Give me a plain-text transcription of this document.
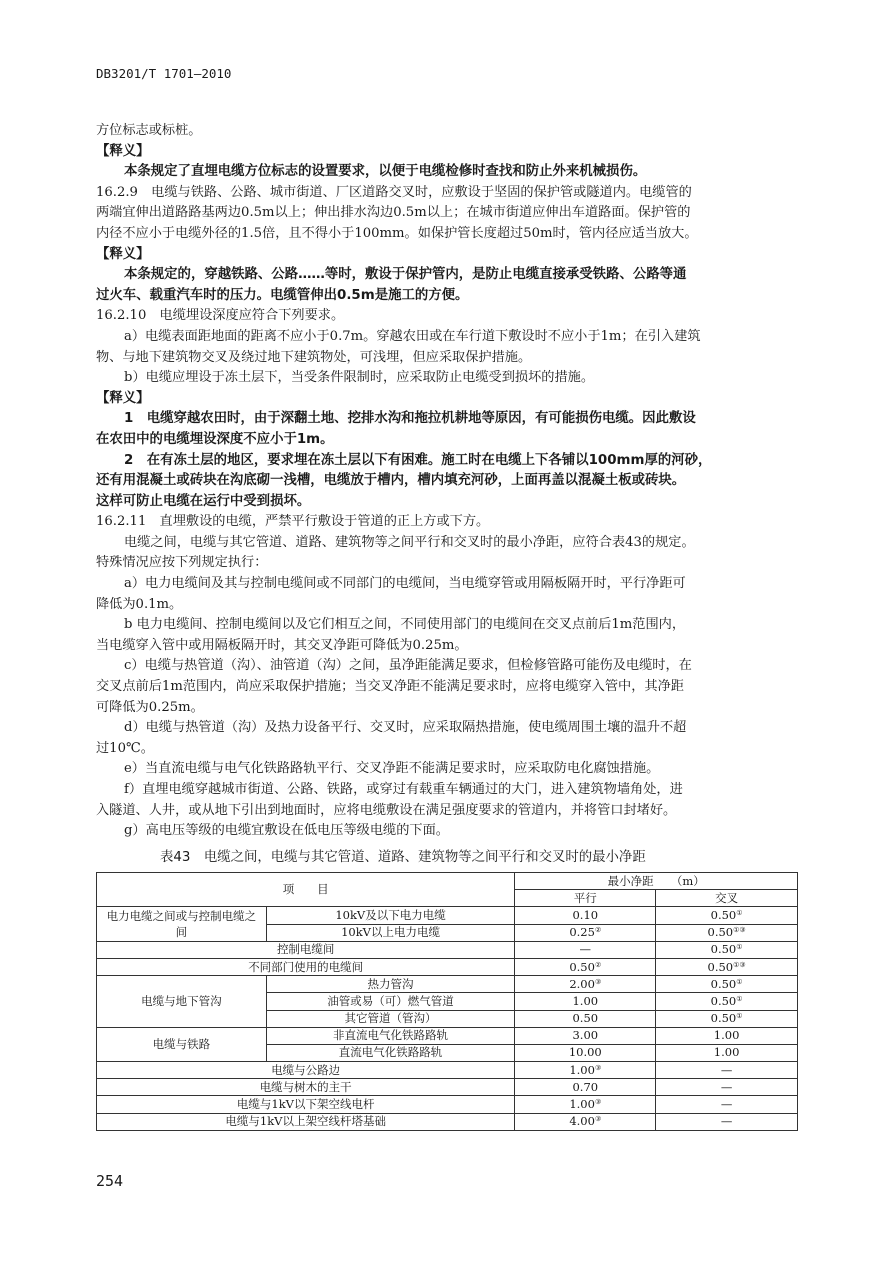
DB3201/T 1701—2010
方位标志或标桩。
【释义】
本条规定了直埋电缆方位标志的设置要求，以便于电缆检修时查找和防止外来机械损伤。
16.2.9　电缆与铁路、公路、城市街道、厂区道路交叉时，应敷设于坚固的保护管或隧道内。电缆管的
两端宜伸出道路路基两边0.5m以上；伸出排水沟边0.5m以上；在城市街道应伸出车道路面。保护管的
内径不应小于电缆外径的1.5倍，且不得小于100mm。如保护管长度超过50m时，管内径应适当放大。
【释义】
本条规定的，穿越铁路、公路……等时，敷设于保护管内，是防止电缆直接承受铁路、公路等通
过火车、载重汽车时的压力。电缆管伸出0.5m是施工的方便。
16.2.10　电缆埋设深度应符合下列要求。
a）电缆表面距地面的距离不应小于0.7m。穿越农田或在车行道下敷设时不应小于1m；在引入建筑
物、与地下建筑物交叉及绕过地下建筑物处，可浅埋，但应采取保护措施。
b）电缆应埋设于冻土层下，当受条件限制时，应采取防止电缆受到损坏的措施。
【释义】
1　电缆穿越农田时，由于深翻土地、挖排水沟和拖拉机耕地等原因，有可能损伤电缆。因此敷设
在农田中的电缆埋设深度不应小于1m。
2　在有冻土层的地区，要求埋在冻土层以下有困难。施工时在电缆上下各铺以100mm厚的河砂，
还有用混凝土或砖块在沟底砌一浅槽，电缆放于槽内，槽内填充河砂，上面再盖以混凝土板或砖块。
这样可防止电缆在运行中受到损坏。
16.2.11　直埋敷设的电缆，严禁平行敷设于管道的正上方或下方。
电缆之间，电缆与其它管道、道路、建筑物等之间平行和交叉时的最小净距，应符合表43的规定。
特殊情况应按下列规定执行：
a）电力电缆间及其与控制电缆间或不同部门的电缆间，当电缆穿管或用隔板隔开时，平行净距可
降低为0.1m。
b 电力电缆间、控制电缆间以及它们相互之间，不同使用部门的电缆间在交叉点前后1m范围内，
当电缆穿入管中或用隔板隔开时，其交叉净距可降低为0.25m。
c）电缆与热管道（沟）、油管道（沟）之间，虽净距能满足要求，但检修管路可能伤及电缆时，在
交叉点前后1m范围内，尚应采取保护措施；当交叉净距不能满足要求时，应将电缆穿入管中，其净距
可降低为0.25m。
d）电缆与热管道（沟）及热力设备平行、交叉时，应采取隔热措施，使电缆周围土壤的温升不超
过10℃。
e）当直流电缆与电气化铁路路轨平行、交叉净距不能满足要求时，应采取防电化腐蚀措施。
f）直埋电缆穿越城市街道、公路、铁路，或穿过有载重车辆通过的大门，进入建筑物墙角处，进
入隧道、人井，或从地下引出到地面时，应将电缆敷设在满足强度要求的管道内，并将管口封堵好。
g）高电压等级的电缆宜敷设在低电压等级电缆的下面。
表43　电缆之间，电缆与其它管道、道路、建筑物等之间平行和交叉时的最小净距
项　　目		最小净距　　（m）	
		平行	交叉
电力电缆之间或与控制电缆之间	10kV及以下电力电缆	0.10	0.50①
	10kV以上电力电缆	0.25②	0.50①③
控制电缆间		—	0.50①
不同部门使用的电缆间		0.50②	0.50①③
电缆与地下管沟	热力管沟	2.00③	0.50①
	油管或易（可）燃气管道	1.00	0.50①
	其它管道（管沟）	0.50	0.50①
电缆与铁路	非直流电气化铁路路轨	3.00	1.00
	直流电气化铁路路轨	10.00	1.00
电缆与公路边		1.00③	—
电缆与树木的主干		0.70	—
电缆与1kV以下架空线电杆		1.00③	—
电缆与1kV以上架空线杆塔基础		4.00③	—
254
